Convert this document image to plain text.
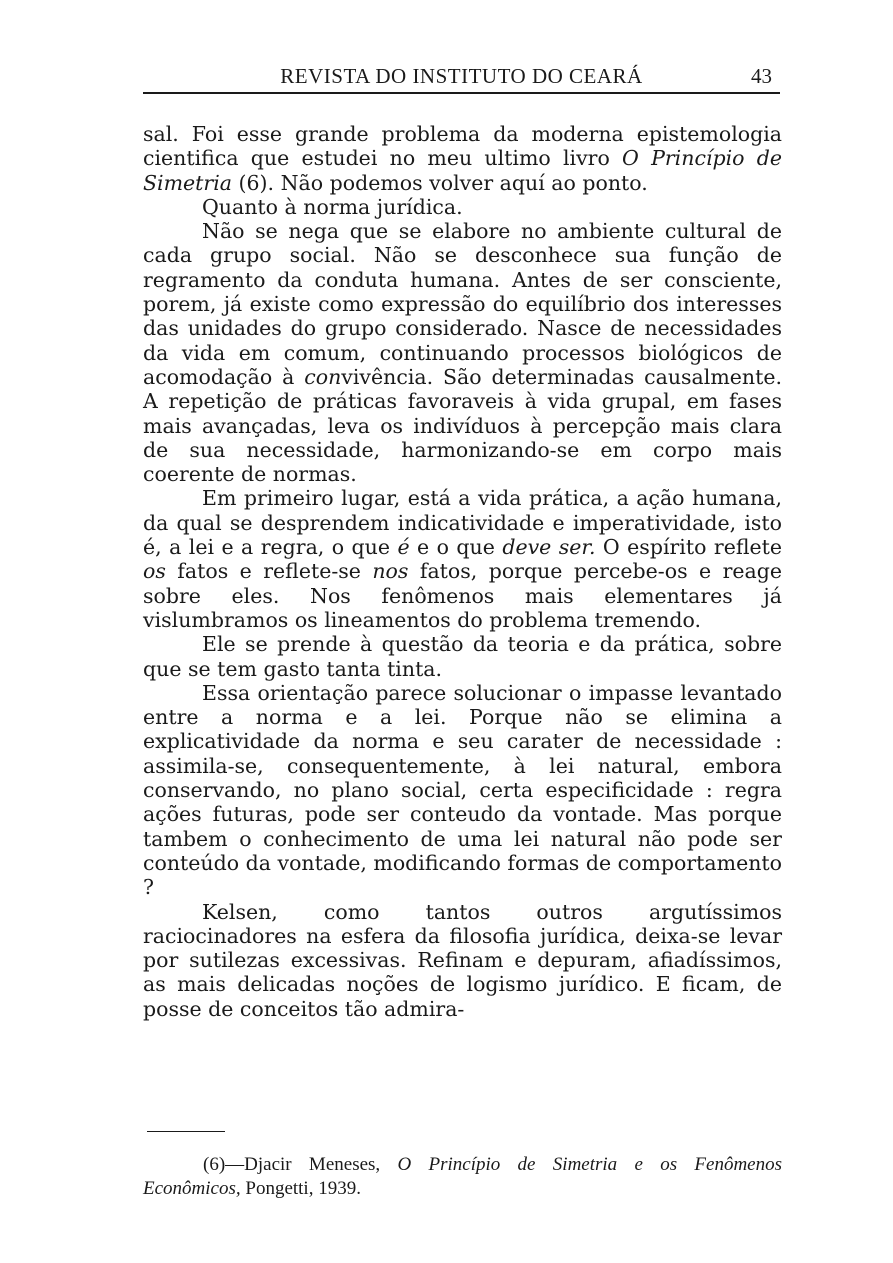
REVISTA DO INSTITUTO DO CEARÁ	43

sal. Foi esse grande problema da moderna epistemologia cientifica que estudei no meu ultimo livro O Princípio de Simetria (6). Não podemos volver aquí ao ponto.

Quanto à norma jurídica.

Não se nega que se elabore no ambiente cultural de cada grupo social. Não se desconhece sua função de regramento da conduta humana. Antes de ser consciente, porem, já existe como expressão do equilíbrio dos interesses das unidades do grupo considerado. Nasce de necessidades da vida em comum, continuando processos biológicos de acomodação à convivência. São determinadas causalmente. A repetição de práticas favoraveis à vida grupal, em fases mais avançadas, leva os indivíduos à percepção mais clara de sua necessidade, harmonizando-se em corpo mais coerente de normas.

Em primeiro lugar, está a vida prática, a ação humana, da qual se desprendem indicatividade e imperatividade, isto é, a lei e a regra, o que é e o que deve ser. O espírito reflete os fatos e reflete-se nos fatos, porque percebe-os e reage sobre eles. Nos fenômenos mais elementares já vislumbramos os lineamentos do problema tremendo.

Ele se prende à questão da teoria e da prática, sobre que se tem gasto tanta tinta.

Essa orientação parece solucionar o impasse levantado entre a norma e a lei. Porque não se elimina a explicatividade da norma e seu carater de necessidade : assimila-se, consequentemente, à lei natural, embora conservando, no plano social, certa especificidade : regra ações futuras, pode ser conteudo da vontade. Mas porque tambem o conhecimento de uma lei natural não pode ser conteúdo da vontade, modificando formas de comportamento ?

Kelsen, como tantos outros argutíssimos raciocinadores na esfera da filosofia jurídica, deixa-se levar por sutilezas excessivas. Refinam e depuram, afiadíssimos, as mais delicadas noções de logismo jurídico. E ficam, de posse de conceitos tão admira-

(6)—Djacir Meneses, O Princípio de Simetria e os Fenômenos Econômicos, Pongetti, 1939.
